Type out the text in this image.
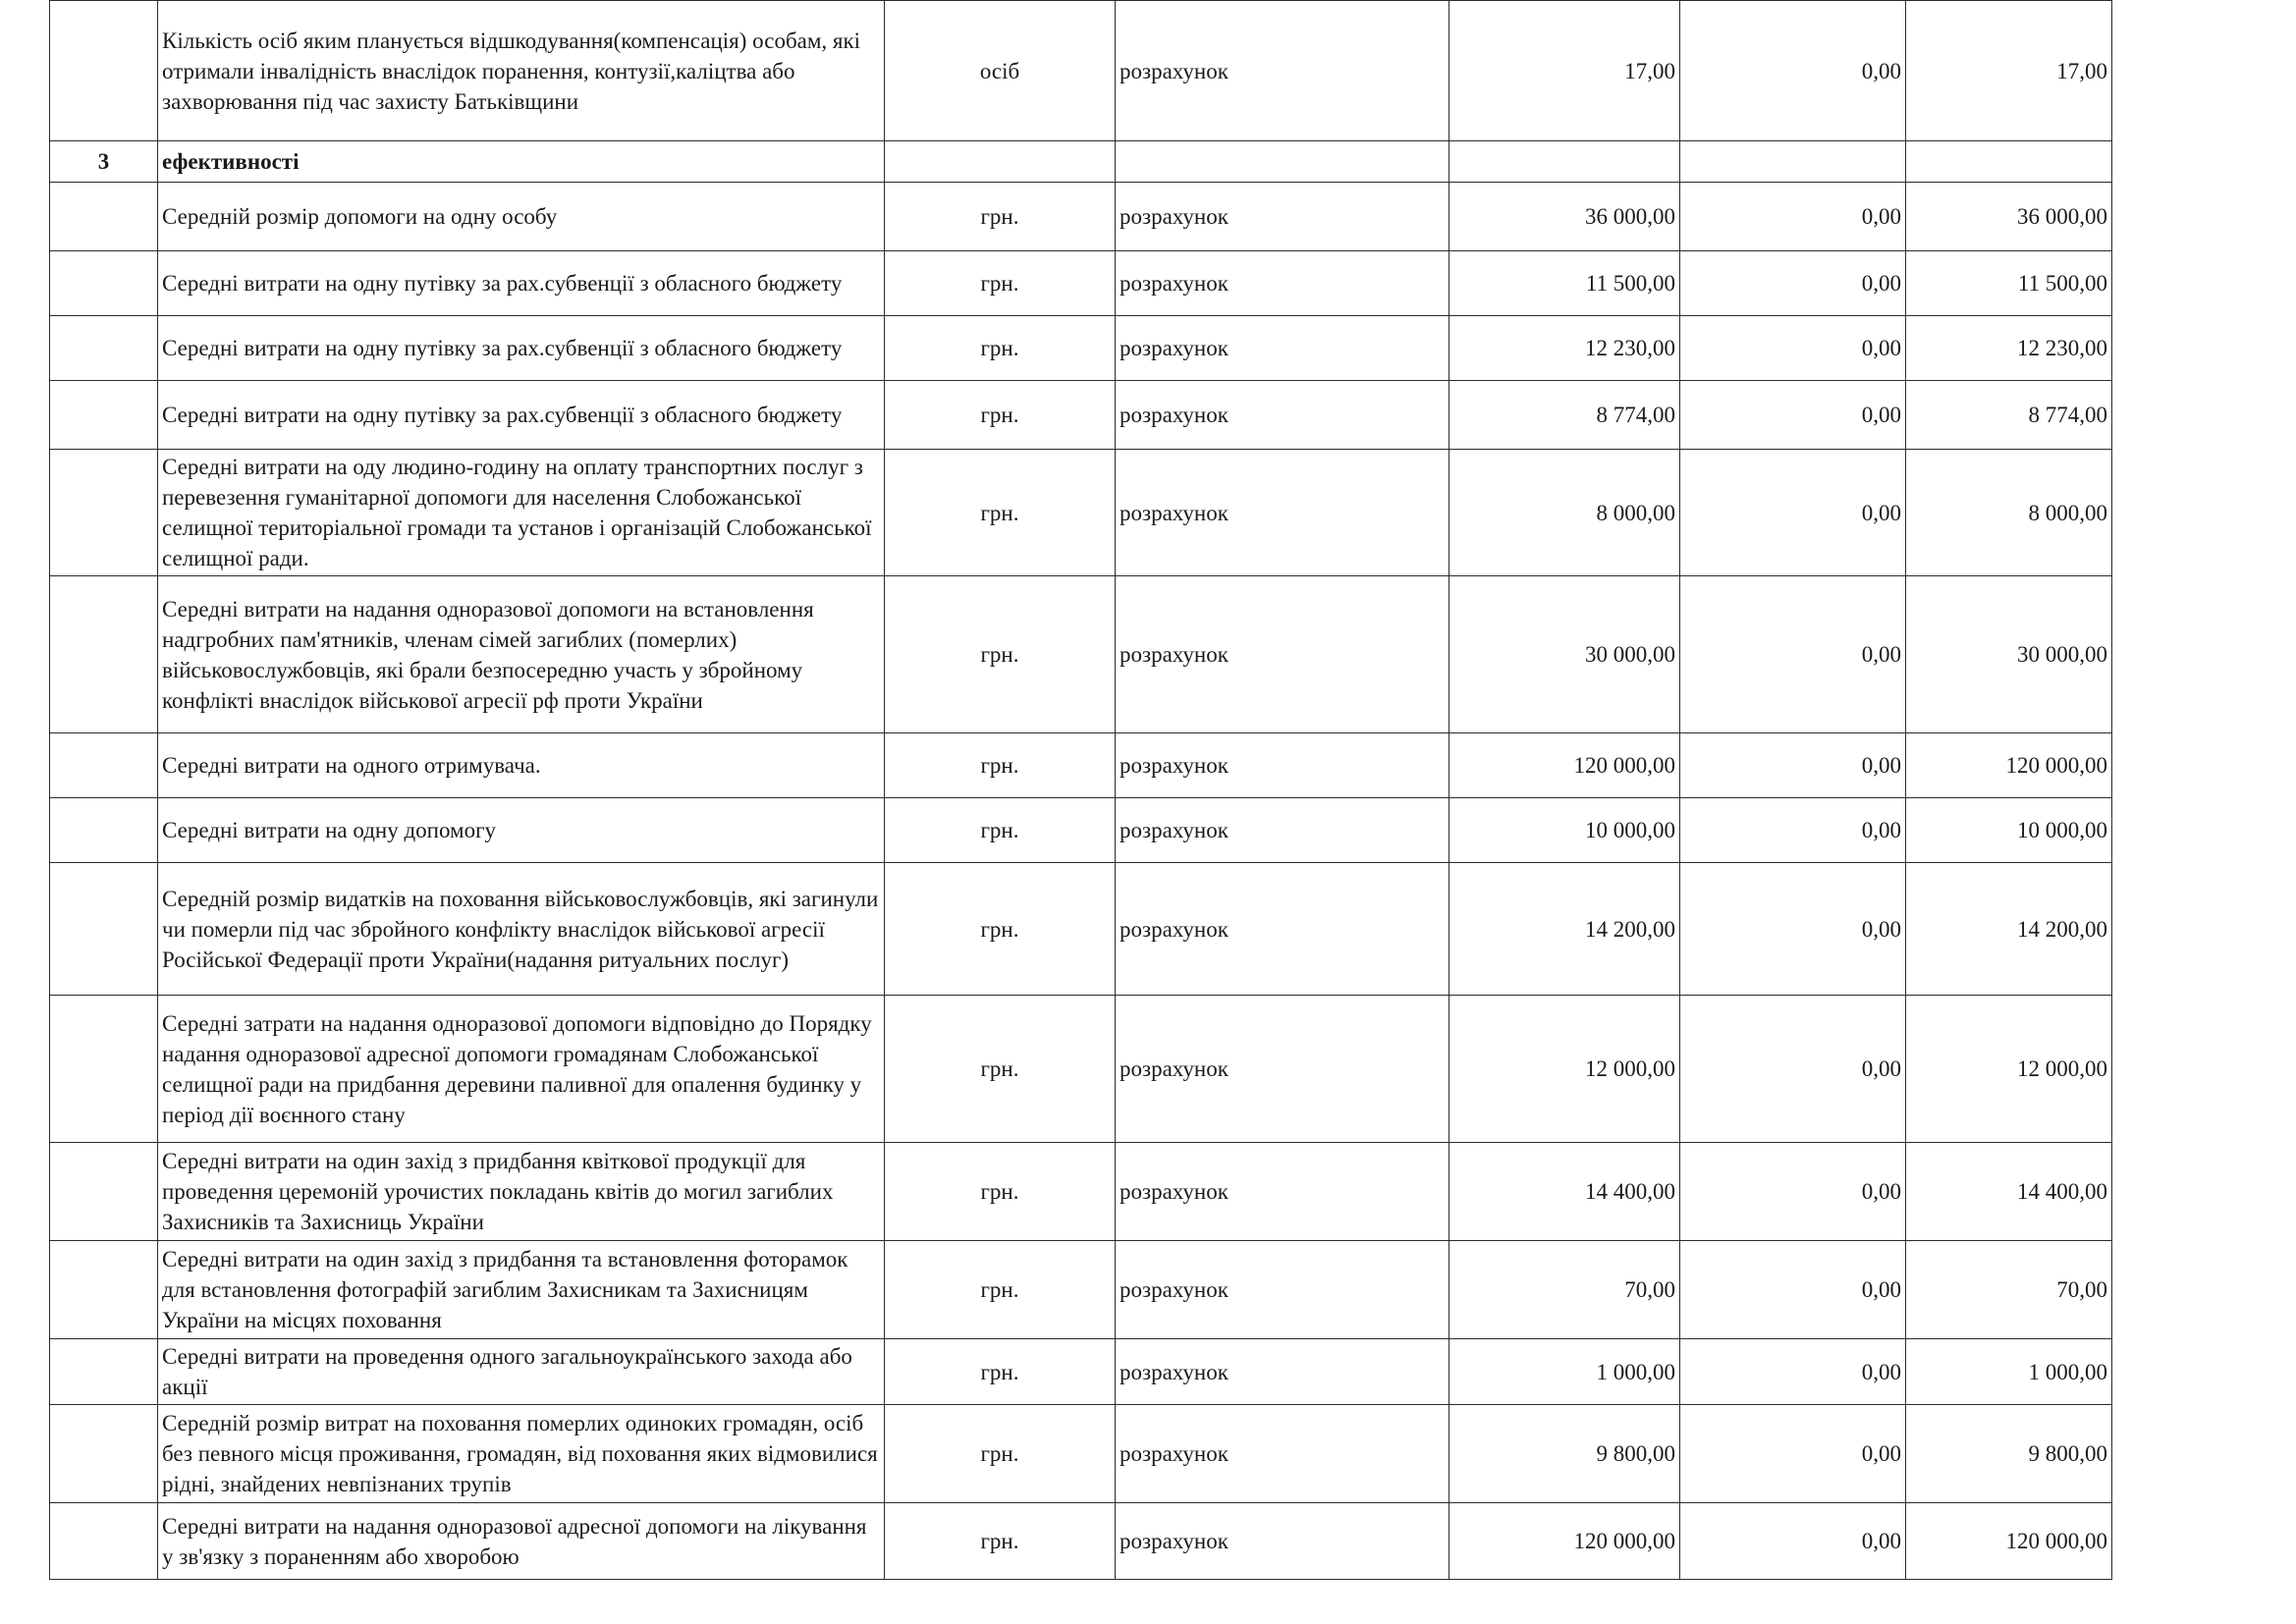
	Кількість осіб яким планується відшкодування(компенсація) особам, які отримали інвалідність внаслідок поранення, контузії,каліцтва або захворювання під час захисту Батьківщини	осіб	розрахунок	17,00	0,00	17,00
3	ефективності					
	Середній розмір допомоги на одну особу	грн.	розрахунок	36 000,00	0,00	36 000,00
	Середні витрати на одну путівку за рах.субвенції з обласного бюджету	грн.	розрахунок	11 500,00	0,00	11 500,00
	Середні витрати на одну путівку за рах.субвенції з обласного бюджету	грн.	розрахунок	12 230,00	0,00	12 230,00
	Середні витрати на одну путівку за рах.субвенції з обласного бюджету	грн.	розрахунок	8 774,00	0,00	8 774,00
	Середні витрати на оду людино-годину на оплату транспортних послуг з перевезення гуманітарної допомоги для населення Слобожанської селищної територіальної громади та установ і організацій Слобожанської селищної ради.	грн.	розрахунок	8 000,00	0,00	8 000,00
	Середні витрати на надання одноразової допомоги на встановлення надгробних пам'ятників, членам сімей загиблих (померлих) військовослужбовців, які брали безпосередню участь у збройному конфлікті внаслідок військової агресії рф проти України	грн.	розрахунок	30 000,00	0,00	30 000,00
	Середні витрати на одного отримувача.	грн.	розрахунок	120 000,00	0,00	120 000,00
	Середні витрати на одну допомогу	грн.	розрахунок	10 000,00	0,00	10 000,00
	Середній розмір видатків на поховання військовослужбовців, які загинули чи померли під час збройного конфлікту внаслідок військової агресії Російської Федерації проти України(надання ритуальних послуг)	грн.	розрахунок	14 200,00	0,00	14 200,00
	Середні затрати на надання одноразової допомоги відповідно до Порядку надання одноразової адресної допомоги громадянам Слобожанської селищної ради на придбання деревини паливної для опалення будинку у період дії воєнного стану	грн.	розрахунок	12 000,00	0,00	12 000,00
	Середні витрати на один захід з придбання квіткової продукції для проведення церемоній урочистих покладань квітів до могил загиблих Захисників та Захисниць України	грн.	розрахунок	14 400,00	0,00	14 400,00
	Середні витрати на один захід з придбання та встановлення фоторамок для встановлення фотографій загиблим Захисникам та Захисницям України на місцях поховання	грн.	розрахунок	70,00	0,00	70,00
	Середні витрати на проведення одного загальноукраїнського захода або акції	грн.	розрахунок	1 000,00	0,00	1 000,00
	Середній розмір витрат на поховання померлих одиноких громадян, осіб без певного місця проживання, громадян, від поховання яких відмовилися рідні, знайдених невпізнаних трупів	грн.	розрахунок	9 800,00	0,00	9 800,00
	Середні витрати на надання одноразової адресної допомоги на лікування у зв'язку з пораненням або хворобою	грн.	розрахунок	120 000,00	0,00	120 000,00
